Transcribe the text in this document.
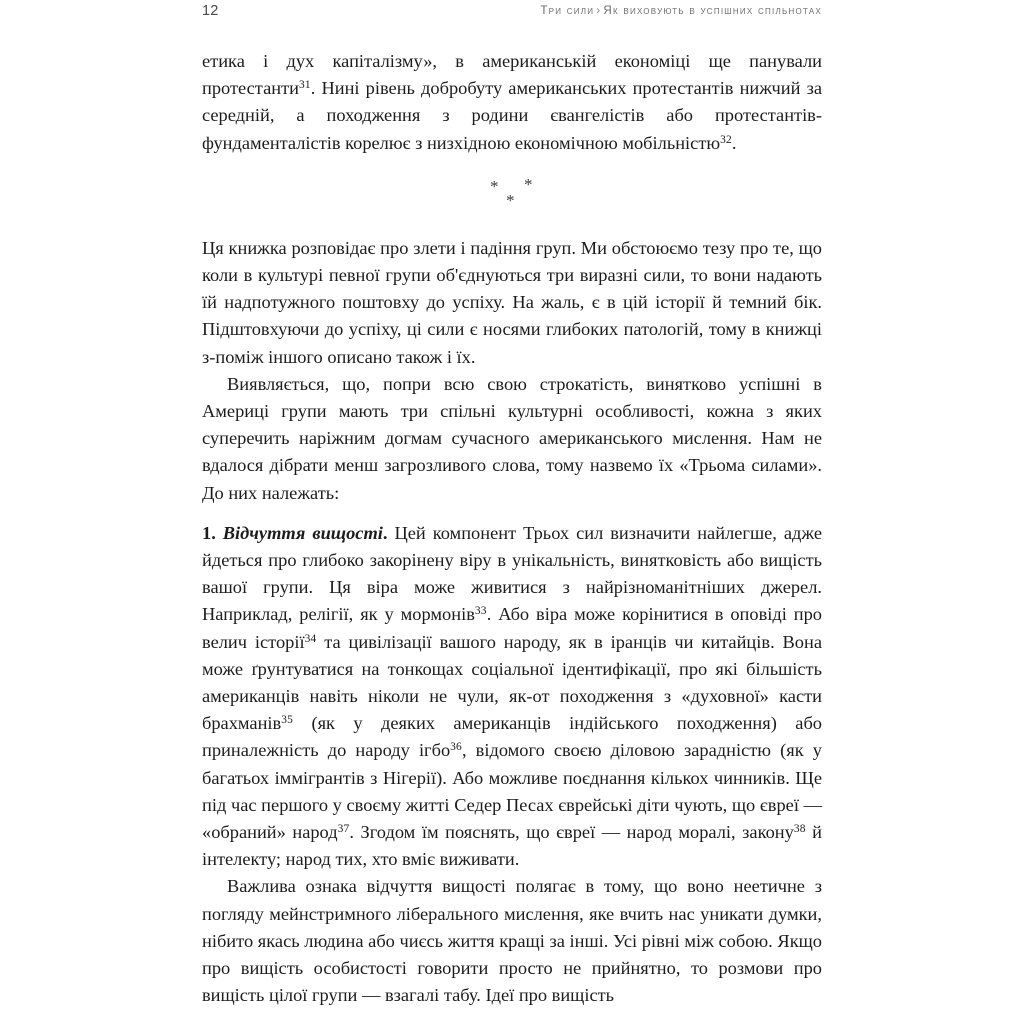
12	Три сили › Як виховують в успішних спільнотах

етика і дух капіталізму», в американській економіці ще панували протестанти$^{31}$. Нині рівень добробуту американських протестантів нижчий за середній, а походження з родини євангелістів або протестантів-фундаменталістів корелює з низхідною економічною мобільністю$^{32}$.

* *
*

Ця книжка розповідає про злети і падіння груп. Ми обстоюємо тезу про те, що коли в культурі певної групи об'єднуються три виразні сили, то вони надають їй надпотужного поштовху до успіху. На жаль, є в цій історії й темний бік. Підштовхуючи до успіху, ці сили є носями глибоких патологій, тому в книжці з-поміж іншого описано також і їх.

Виявляється, що, попри всю свою строкатість, винятково успішні в Америці групи мають три спільні культурні особливості, кожна з яких суперечить наріжним догмам сучасного американського мислення. Нам не вдалося дібрати менш загрозливого слова, тому назвемо їх «Трьома силами». До них належать:

1. Відчуття вищості. Цей компонент Трьох сил визначити найлегше, адже йдеться про глибоко закорінену віру в унікальність, винятковість або вищість вашої групи. Ця віра може живитися з найрізноманітніших джерел. Наприклад, релігії, як у мормонів$^{33}$. Або віра може корінитися в оповіді про велич історії$^{34}$ та цивілізації вашого народу, як в іранців чи китайців. Вона може ґрунтуватися на тонкощах соціальної ідентифікації, про які більшість американців навіть ніколи не чули, як-от походження з «духовної» касти брахманів$^{35}$ (як у деяких американців індійського походження) або приналежність до народу ігбо$^{36}$, відомого своєю діловою зарадністю (як у багатьох іммігрантів з Нігерії). Або можливе поєднання кількох чинників. Ще під час першого у своєму житті Седер Песах єврейські діти чують, що євреї — «обраний» народ$^{37}$. Згодом їм пояснять, що євреї — народ моралі, закону$^{38}$ й інтелекту; народ тих, хто вміє виживати.

Важлива ознака відчуття вищості полягає в тому, що воно неетичне з погляду мейнстримного ліберального мислення, яке вчить нас уникати думки, нібито якась людина або чиєсь життя кращі за інші. Усі рівні між собою. Якщо про вищість особистості говорити просто не прийнятно, то розмови про вищість цілої групи — взагалі табу. Ідеї про вищість
